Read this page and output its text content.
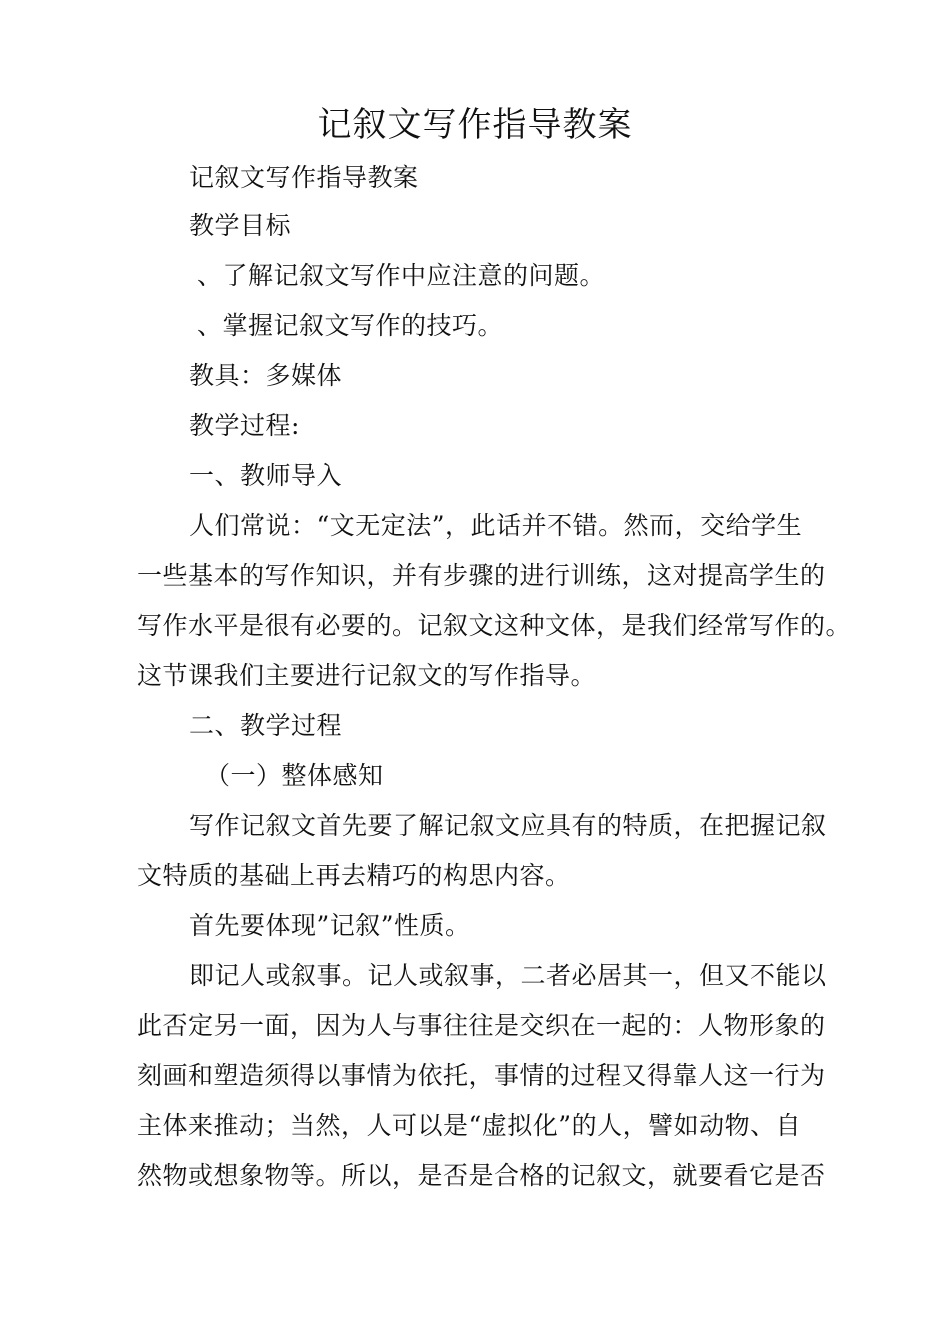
记叙文写作指导教案
记叙文写作指导教案
教学目标
、了解记叙文写作中应注意的问题。
、掌握记叙文写作的技巧。
教具：多媒体
教学过程:
一、教师导入
人们常说：“文无定法”，此话并不错。然而，交给学生
一些基本的写作知识，并有步骤的进行训练，这对提高学生的
写作水平是很有必要的。记叙文这种文体，是我们经常写作的。
这节课我们主要进行记叙文的写作指导。
二、教学过程
（一）整体感知
写作记叙文首先要了解记叙文应具有的特质，在把握记叙
文特质的基础上再去精巧的构思内容。
首先要体现”记叙”性质。
即记人或叙事。记人或叙事，二者必居其一，但又不能以
此否定另一面，因为人与事往往是交织在一起的：人物形象的
刻画和塑造须得以事情为依托，事情的过程又得靠人这一行为
主体来推动；当然，人可以是“虚拟化”的人，譬如动物、自
然物或想象物等。所以，是否是合格的记叙文，就要看它是否
